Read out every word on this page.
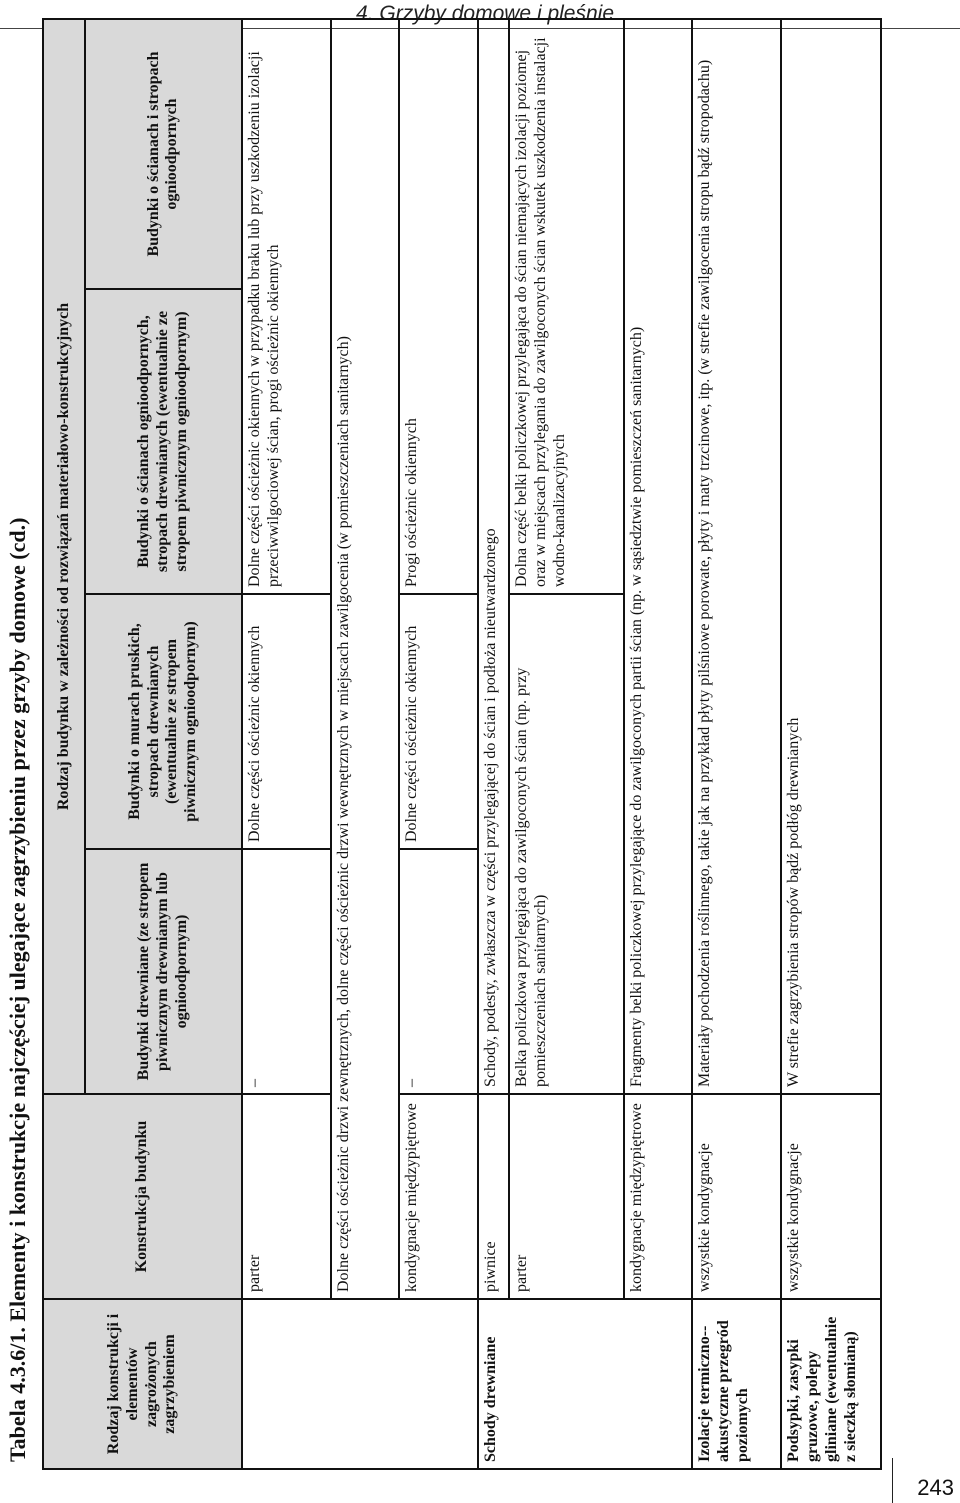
4. Grzyby domowe i pleśnie
Tabela 4.3.6/1. Elementy i konstrukcje najczęściej ulegające zagrzybieniu przez grzyby domowe (cd.)	Rodzaj konstrukcji i elementów zagrożonych zagrzybieniem	Konstrukcja budynku	Rodzaj budynku w zależności od rozwiązań materiałowo-konstrukcyjnych			
		Budynki drewniane (ze stropem piwnicznym drewnianym lub ognioodpornym)	Budynki o murach pruskich, stropach drewnianych (ewentualnie ze stropem piwnicznym ognioodpornym)	Budynki o ścianach ognioodpornych, stropach drewnianych (ewentualnie ze stropem piwnicznym ognioodpornym)	Budynki o ścianach i stropach ognioodpornych
	parter	–	Dolne części ościeżnic okiennych	Dolne części ościeżnic okiennych w przypadku braku lub przy uszkodzeniu izolacji przeciwwilgociowej ścian, progi ościeżnic okiennych	
	Dolne części ościeżnic drzwi zewnętrznych, dolne części ościeżnic drzwi wewnętrznych w miejscach zawilgocenia (w pomieszczeniach sanitarnych)				
	kondygnacje międzypiętrowe	–	Dolne części ościeżnic okiennych	Progi ościeżnic okiennych	
Schody drewniane	piwnice	Schody, podesty, zwłaszcza w części przylegającej do ścian i podłoża nieutwardzonego			
	parter	Belka policzkowa przylegająca do zawilgoconych ścian (np. przy pomieszczeniach sanitarnych)		Dolna część belki policzkowej przylegająca do ścian niemających izolacji poziomej oraz w miejscach przylegania do zawilgoconych ścian wskutek uszkodzenia instalacji wodno-kanalizacyjnych	
	kondygnacje międzypiętrowe	Fragmenty belki policzkowej przylegające do zawilgoconych partii ścian (np. w sąsiedztwie pomieszczeń sanitarnych)			
Izolacje termiczno--akustyczne przegród poziomych	wszystkie kondygnacje	Materiały pochodzenia roślinnego, takie jak na przykład płyty pilśniowe porowate, płyty i maty trzcinowe, itp. (w strefie zawilgocenia stropu bądź stropodachu)			
Podsypki, zasypki gruzowe, polepy gliniane (ewentualnie z sieczką słomianą)	wszystkie kondygnacje	W strefie zagrzybienia stropów bądź podłóg drewnianych			
243
